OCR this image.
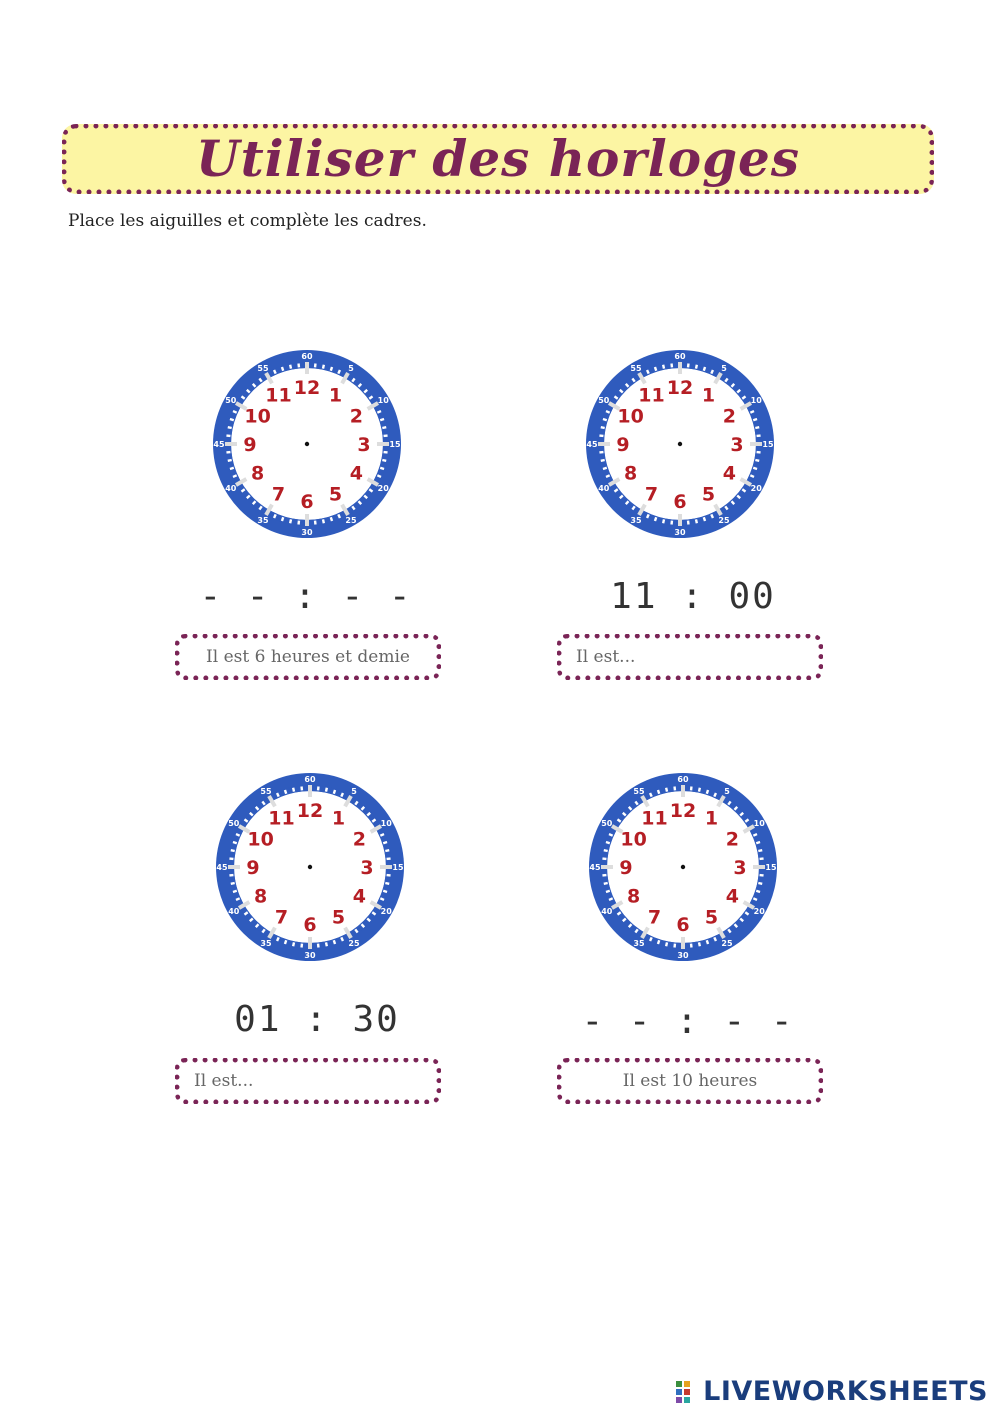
Utiliser des horloges
Place les aiguilles et complète les cadres.
60
5
10
15
20
25
30
35
40
45
50
55
12 1
2
3
4
5
6
7
8
9
10
11
- - : - -
Il est 6 heures et demie
60
5
10
15
20
25
30
35
40
45
50
55
12 1
2
3
4
5
6
7
8
9
10
11
11 : 00
Il est...
60
5
10
15
20
25
30
35
40
45
50
55
12 1
2
3
4
5
6
7
8
9
10
11
01 : 30
Il est...
60
5
10
15
20
25
30
35
40
45
50
55
12 1
2
3
4
5
6
7
8
9
10
11
- - : - -
Il est 10 heures
LIVEWORKSHEETS
